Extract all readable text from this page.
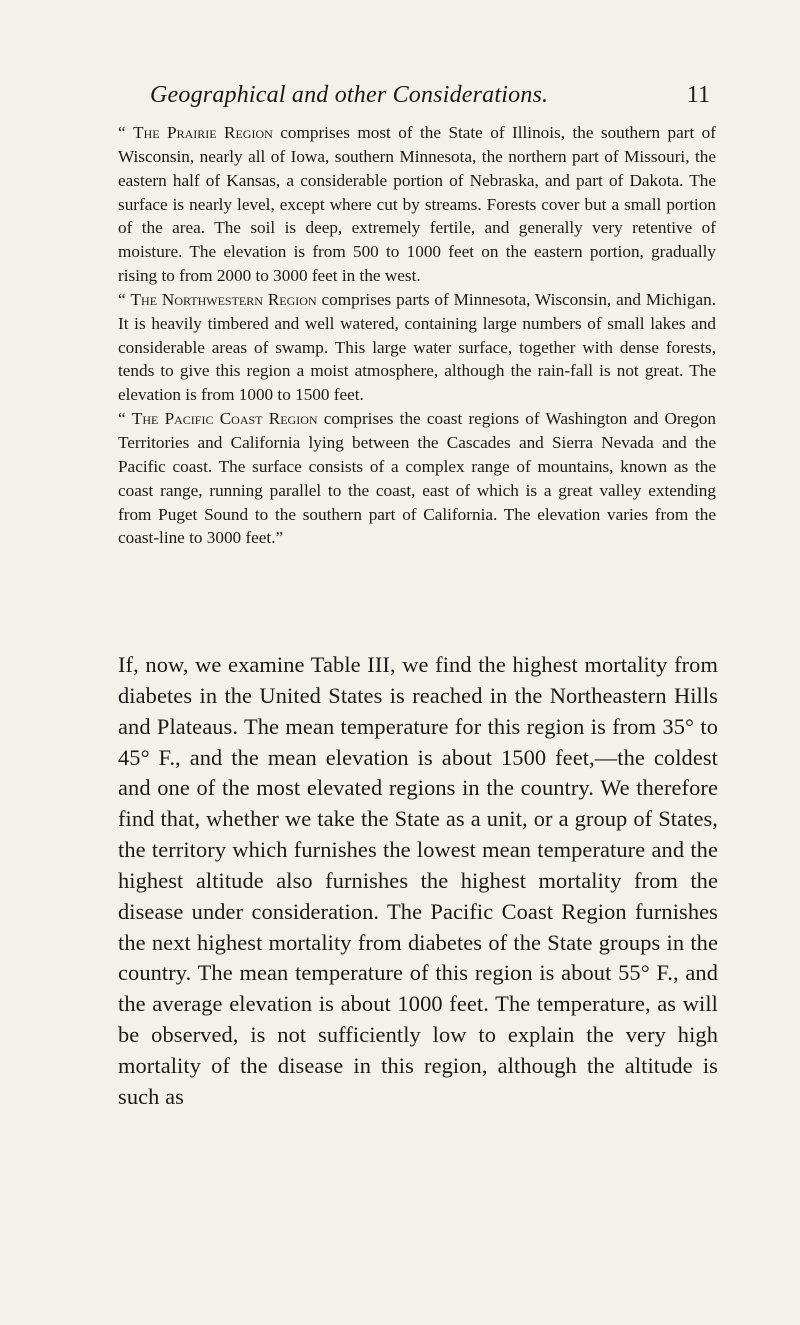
Geographical and other Considerations.	11

“ The Prairie Region comprises most of the State of Illinois, the southern part of Wisconsin, nearly all of Iowa, southern Minnesota, the northern part of Missouri, the eastern half of Kansas, a considerable portion of Nebraska, and part of Dakota. The surface is nearly level, except where cut by streams. Forests cover but a small portion of the area. The soil is deep, extremely fertile, and generally very retentive of moisture. The elevation is from 500 to 1000 feet on the eastern portion, gradually rising to from 2000 to 3000 feet in the west.

“ The Northwestern Region comprises parts of Minnesota, Wisconsin, and Michigan. It is heavily timbered and well watered, containing large numbers of small lakes and considerable areas of swamp. This large water surface, together with dense forests, tends to give this region a moist atmosphere, although the rain-fall is not great. The elevation is from 1000 to 1500 feet.

“ The Pacific Coast Region comprises the coast regions of Washington and Oregon Territories and California lying between the Cascades and Sierra Nevada and the Pacific coast. The surface consists of a complex range of mountains, known as the coast range, running parallel to the coast, east of which is a great valley extending from Puget Sound to the southern part of California. The elevation varies from the coast-line to 3000 feet.”

If, now, we examine Table III, we find the highest mortality from diabetes in the United States is reached in the Northeastern Hills and Plateaus. The mean temperature for this region is from 35° to 45° F., and the mean elevation is about 1500 feet,—the coldest and one of the most elevated regions in the country. We therefore find that, whether we take the State as a unit, or a group of States, the territory which furnishes the lowest mean temperature and the highest altitude also furnishes the highest mortality from the disease under consideration. The Pacific Coast Region furnishes the next highest mortality from diabetes of the State groups in the country. The mean temperature of this region is about 55° F., and the average elevation is about 1000 feet. The temperature, as will be observed, is not sufficiently low to explain the very high mortality of the disease in this region, although the altitude is such as
